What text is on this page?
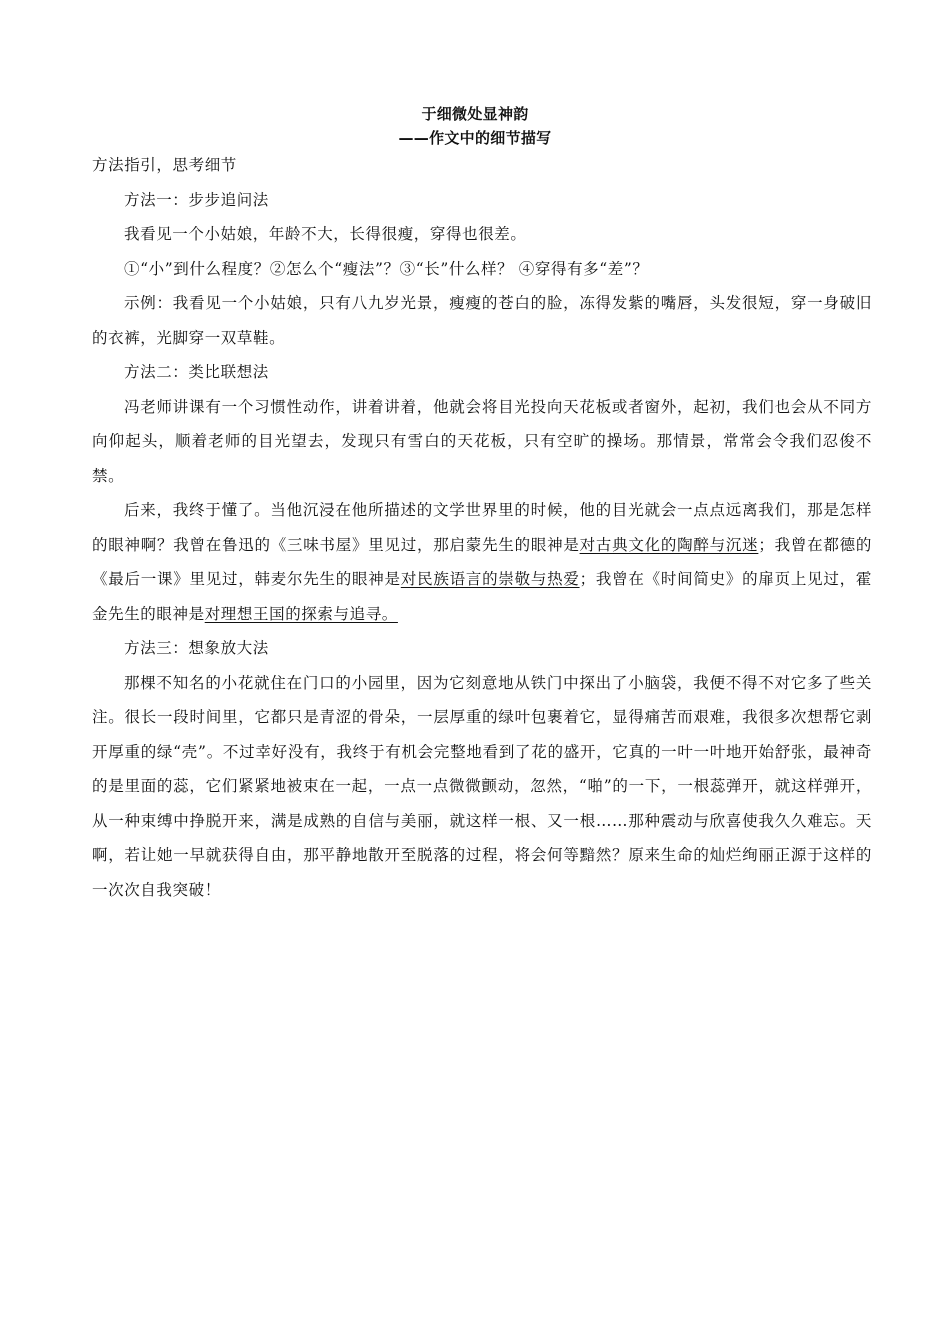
于细微处显神韵
——作文中的细节描写

方法指引，思考细节

方法一：步步追问法

我看见一个小姑娘，年龄不大，长得很瘦，穿得也很差。

①“小”到什么程度？②怎么个“瘦法”？③“长”什么样？ ④穿得有多“差”？

示例：我看见一个小姑娘，只有八九岁光景，瘦瘦的苍白的脸，冻得发紫的嘴唇，头发很短，穿一身破旧的衣裤，光脚穿一双草鞋。

方法二：类比联想法

冯老师讲课有一个习惯性动作，讲着讲着，他就会将目光投向天花板或者窗外，起初，我们也会从不同方向仰起头，顺着老师的目光望去，发现只有雪白的天花板，只有空旷的操场。那情景，常常会令我们忍俊不禁。

后来，我终于懂了。当他沉浸在他所描述的文学世界里的时候，他的目光就会一点点远离我们，那是怎样的眼神啊？我曾在鲁迅的《三味书屋》里见过，那启蒙先生的眼神是对古典文化的陶醉与沉迷；我曾在都德的《最后一课》里见过，韩麦尔先生的眼神是对民族语言的崇敬与热爱；我曾在《时间简史》的扉页上见过，霍金先生的眼神是对理想王国的探索与追寻。

方法三：想象放大法

那棵不知名的小花就住在门口的小园里，因为它刻意地从铁门中探出了小脑袋，我便不得不对它多了些关注。很长一段时间里，它都只是青涩的骨朵，一层厚重的绿叶包裹着它，显得痛苦而艰难，我很多次想帮它剥开厚重的绿“壳”。不过幸好没有，我终于有机会完整地看到了花的盛开，它真的一叶一叶地开始舒张，最神奇的是里面的蕊，它们紧紧地被束在一起，一点一点微微颤动，忽然，“啪”的一下，一根蕊弹开，就这样弹开，从一种束缚中挣脱开来，满是成熟的自信与美丽，就这样一根、又一根……那种震动与欣喜使我久久难忘。天啊，若让她一早就获得自由，那平静地散开至脱落的过程，将会何等黯然？原来生命的灿烂绚丽正源于这样的一次次自我突破！
